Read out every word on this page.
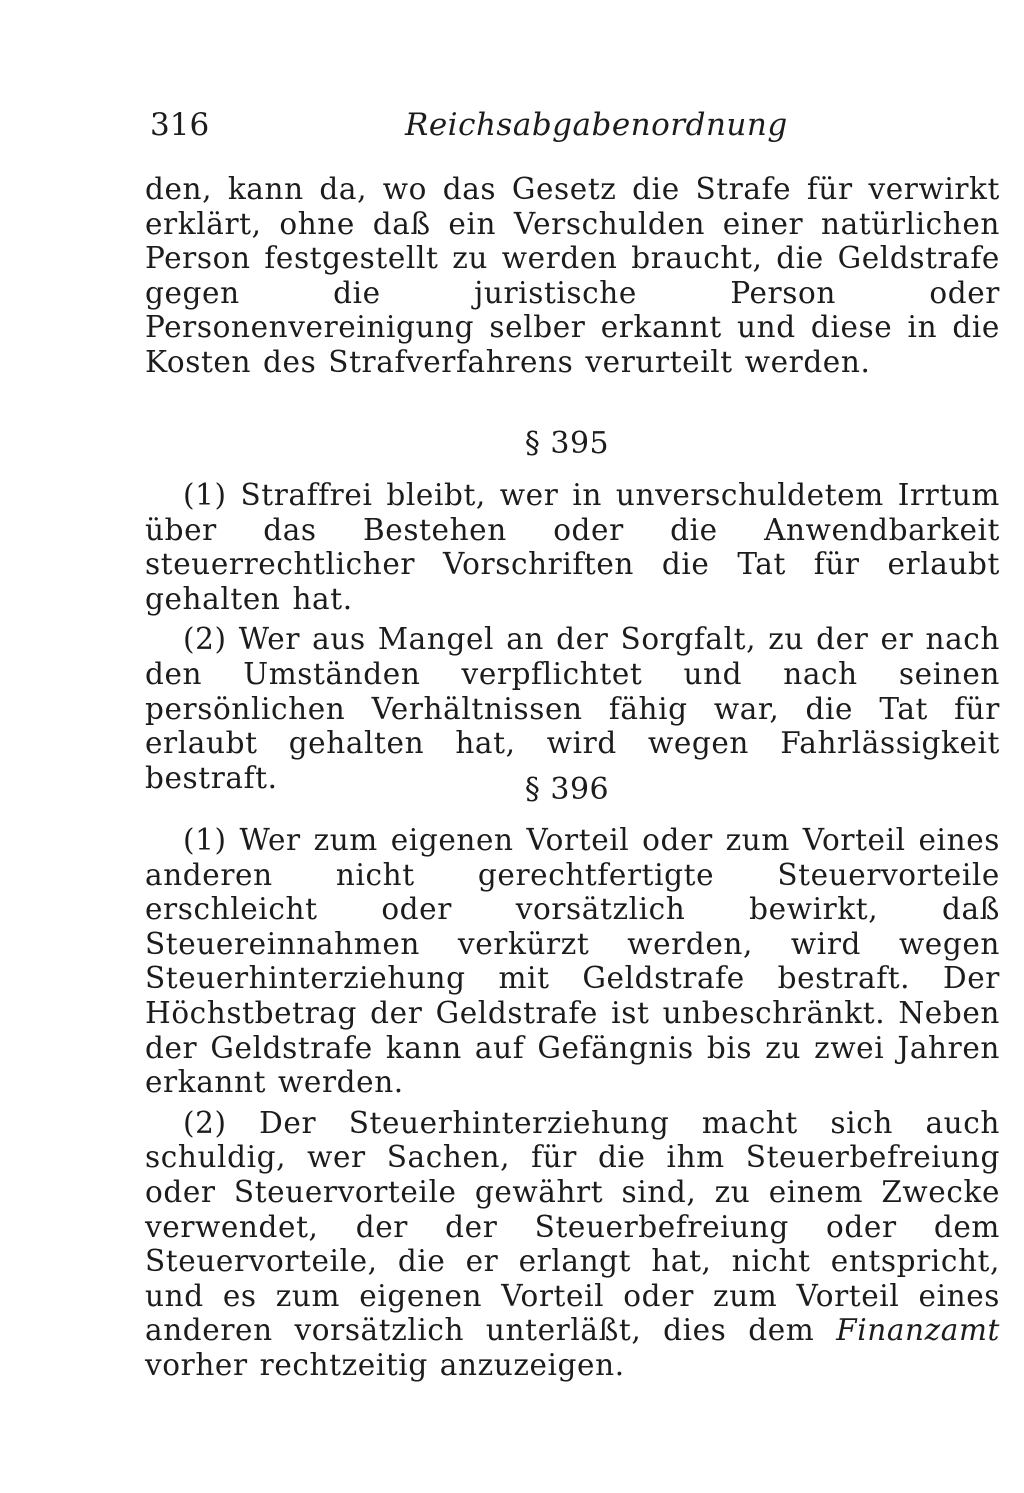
316	Reichsabgabenordnung

den, kann da, wo das Gesetz die Strafe für verwirkt erklärt, ohne daß ein Verschulden einer natürlichen Person festgestellt zu werden braucht, die Geldstrafe gegen die juristische Person oder Personenvereinigung selber erkannt und diese in die Kosten des Strafverfahrens verurteilt werden.

§ 395

(1) Straffrei bleibt, wer in unverschuldetem Irrtum über das Bestehen oder die Anwendbarkeit steuerrechtlicher Vorschriften die Tat für erlaubt gehalten hat.

(2) Wer aus Mangel an der Sorgfalt, zu der er nach den Umständen verpflichtet und nach seinen persönlichen Verhältnissen fähig war, die Tat für erlaubt gehalten hat, wird wegen Fahrlässigkeit bestraft.	§ 396

(1) Wer zum eigenen Vorteil oder zum Vorteil eines anderen nicht gerechtfertigte Steuervorteile erschleicht oder vorsätzlich bewirkt, daß Steuereinnahmen verkürzt werden, wird wegen Steuerhinterziehung mit Geldstrafe bestraft. Der Höchstbetrag der Geldstrafe ist unbeschränkt. Neben der Geldstrafe kann auf Gefängnis bis zu zwei Jahren erkannt werden.

(2) Der Steuerhinterziehung macht sich auch schuldig, wer Sachen, für die ihm Steuerbefreiung oder Steuervorteile gewährt sind, zu einem Zwecke verwendet, der der Steuerbefreiung oder dem Steuervorteile, die er erlangt hat, nicht entspricht, und es zum eigenen Vorteil oder zum Vorteil eines anderen vorsätzlich unterläßt, dies dem Finanzamt vorher rechtzeitig anzuzeigen.
